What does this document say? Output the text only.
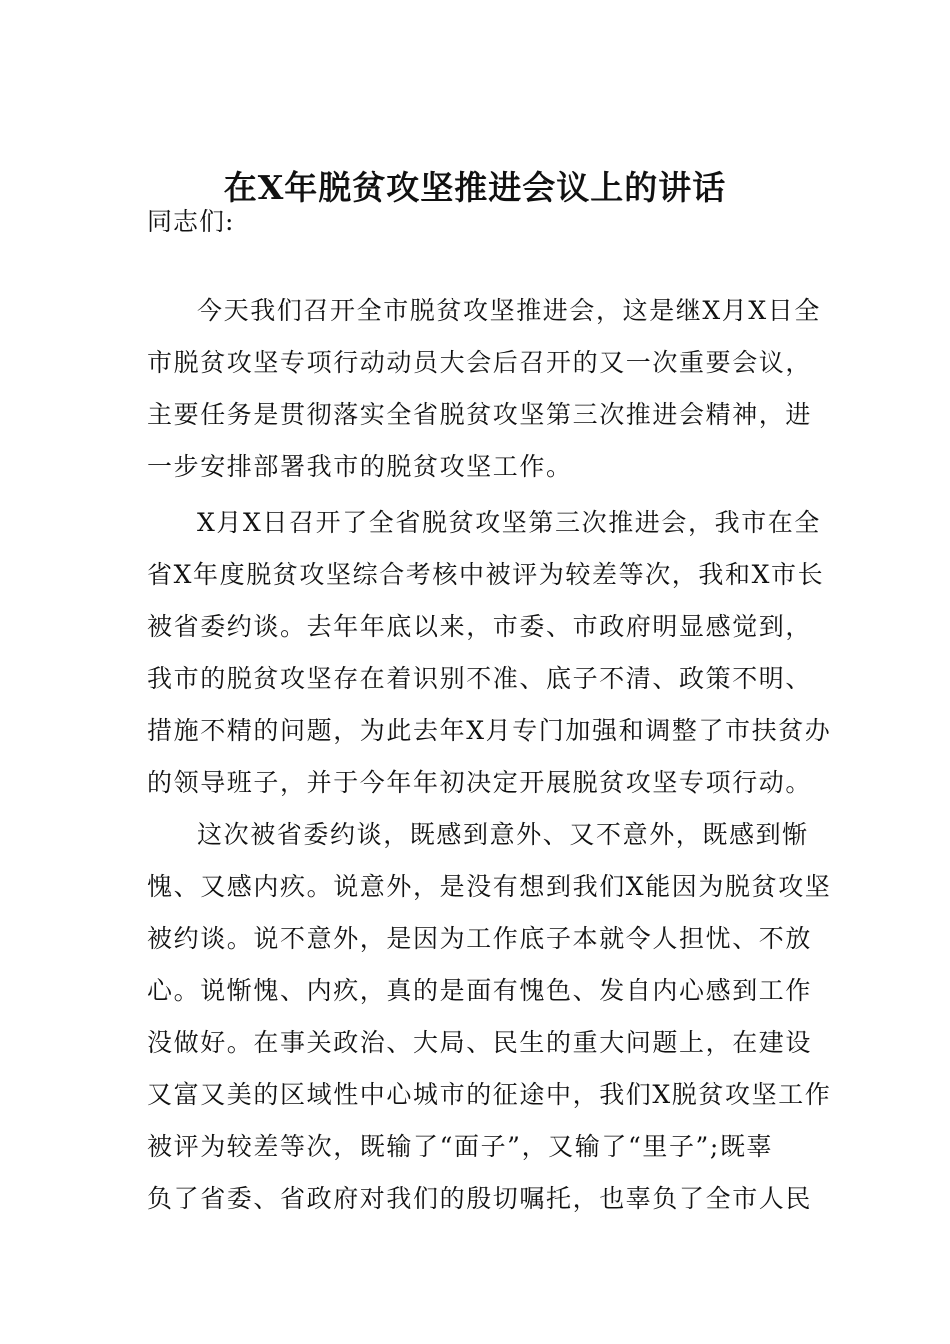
在X年脱贫攻坚推进会议上的讲话
同志们:
今天我们召开全市脱贫攻坚推进会，这是继X月X日全
市脱贫攻坚专项行动动员大会后召开的又一次重要会议，
主要任务是贯彻落实全省脱贫攻坚第三次推进会精神，进
一步安排部署我市的脱贫攻坚工作。
X月X日召开了全省脱贫攻坚第三次推进会，我市在全
省X年度脱贫攻坚综合考核中被评为较差等次，我和X市长
被省委约谈。去年年底以来，市委、市政府明显感觉到，
我市的脱贫攻坚存在着识别不准、底子不清、政策不明、
措施不精的问题，为此去年X月专门加强和调整了市扶贫办
的领导班子，并于今年年初决定开展脱贫攻坚专项行动。
这次被省委约谈，既感到意外、又不意外，既感到惭
愧、又感内疚。说意外，是没有想到我们X能因为脱贫攻坚
被约谈。说不意外，是因为工作底子本就令人担忧、不放
心。说惭愧、内疚，真的是面有愧色、发自内心感到工作
没做好。在事关政治、大局、民生的重大问题上，在建设
又富又美的区域性中心城市的征途中，我们X脱贫攻坚工作
被评为较差等次，既输了“面子”，又输了“里子”;既辜
负了省委、省政府对我们的殷切嘱托，也辜负了全市人民
